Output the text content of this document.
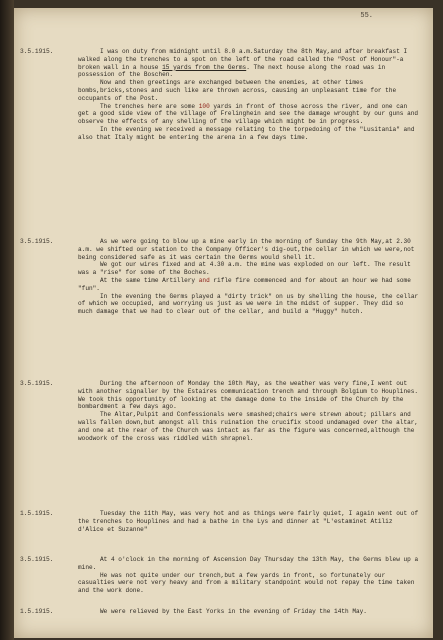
55.
3.5.1915.	I was on duty from midnight until 8.0 a.m.Saturday the 8th May,and after breakfast I walked along the trenches to a spot on the left of the road called the "Post of Honour"-a broken wall in a house 15 yards from the Germs. The next house along the road was in possession of the Boschen.

Now and then greetings are exchanged between the enemies, at other times bombs,bricks,stones and such like are thrown across, causing an unpleasant time for the occupants of the Post.

The trenches here are some 100 yards in front of those across the river, and one can get a good side view of the village of Frelinghein and see the damage wrought by our guns and observe the effects of any shelling of the village which might be in progress.

In the evening we received a message relating to the torpedoing of the "Lusitania" and also that Italy might be entering the arena in a few days time.

3.5.1915.	As we were going to blow up a mine early in the morning of Sunday the 9th May,at 2.30 a.m. we shifted our station to the Company Officer's dig-out,the cellar in which we were,not being considered safe as it was certain the Germs would shell it.

We got our wires fixed and at 4.30 a.m. the mine was exploded on our left. The result was a "rise" for some of the Boches.

At the same time Artillery and rifle fire commenced and for about an hour we had some "fun".

In the evening the Germs played a "dirty trick" on us by shelling the house, the cellar of which we occupied, and worrying us just as we were in the midst of supper. They did so much damage that we had to clear out of the cellar, and build a "Huggy" hutch.

3.5.1915.	During the afternoon of Monday the 10th May, as the weather was very fine,I went out with another signaller by the Estaires communication trench and through Bolgium to Houplines. We took this opportunity of looking at the damage done to the inside of the Church by the bombardment a few days ago.

The Altar,Pulpit and Confessionals were smashed;chairs were strewn about; pillars and walls fallen down,but amongst all this ruination the crucifix stood undamaged over the altar, and one at the rear of the Church was intact as far as the figure was concerned,although the woodwork of the cross was riddled with shrapnel.

1.5.1915.	Tuesday the 11th May, was very hot and as things were fairly quiet, I again went out of the trenches to Houplines and had a bathe in the Lys and dinner at "L'estaminet Atiliz d'Alice et Suzanne"

3.5.1915.	At 4 o'clock in the morning of Ascension Day Thursday the 13th May, the Germs blew up a mine.

He was not quite under our trench,but a few yards in front, so fortunately our casualties were not very heavy and from a military standpoint would not repay the time taken and the work done.

1.5.1915.	We were relieved by the East Yorks in the evening of Friday the 14th May.
